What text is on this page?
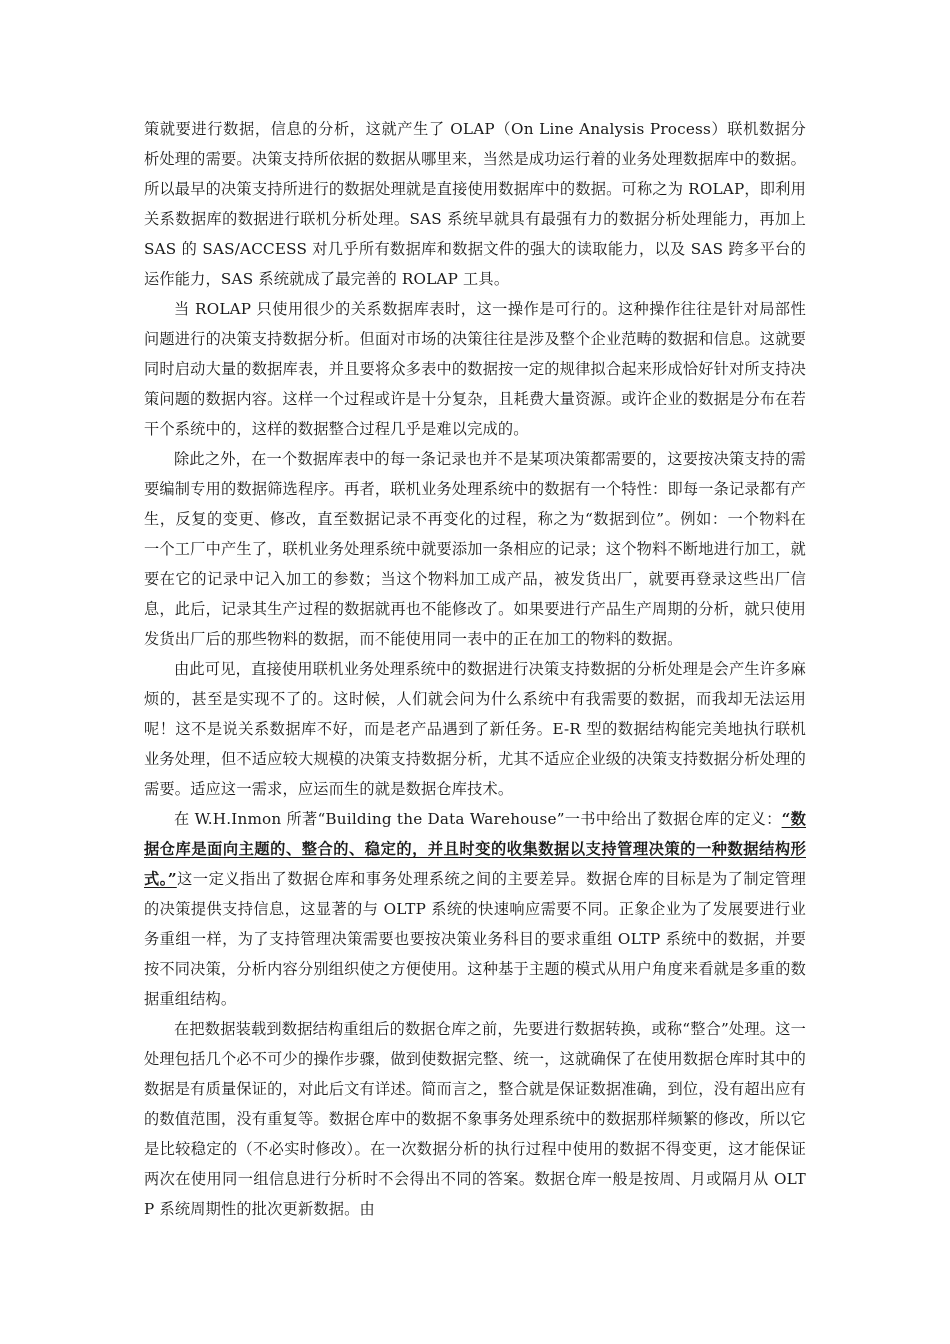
策就要进行数据，信息的分析，这就产生了 OLAP（On Line Analysis Process）联机数据分析处理的需要。决策支持所依据的数据从哪里来，当然是成功运行着的业务处理数据库中的数据。所以最早的决策支持所进行的数据处理就是直接使用数据库中的数据。可称之为 ROLAP，即利用关系数据库的数据进行联机分析处理。SAS 系统早就具有最强有力的数据分析处理能力，再加上 SAS 的 SAS/ACCESS 对几乎所有数据库和数据文件的强大的读取能力，以及 SAS 跨多平台的运作能力，SAS 系统就成了最完善的 ROLAP 工具。

当 ROLAP 只使用很少的关系数据库表时，这一操作是可行的。这种操作往往是针对局部性问题进行的决策支持数据分析。但面对市场的决策往往是涉及整个企业范畴的数据和信息。这就要同时启动大量的数据库表，并且要将众多表中的数据按一定的规律拟合起来形成恰好针对所支持决策问题的数据内容。这样一个过程或许是十分复杂，且耗费大量资源。或许企业的数据是分布在若干个系统中的，这样的数据整合过程几乎是难以完成的。

除此之外，在一个数据库表中的每一条记录也并不是某项决策都需要的，这要按决策支持的需要编制专用的数据筛选程序。再者，联机业务处理系统中的数据有一个特性：即每一条记录都有产生，反复的变更、修改，直至数据记录不再变化的过程，称之为“数据到位”。例如：一个物料在一个工厂中产生了，联机业务处理系统中就要添加一条相应的记录；这个物料不断地进行加工，就要在它的记录中记入加工的参数；当这个物料加工成产品，被发货出厂，就要再登录这些出厂信息，此后，记录其生产过程的数据就再也不能修改了。如果要进行产品生产周期的分析，就只使用发货出厂后的那些物料的数据，而不能使用同一表中的正在加工的物料的数据。

由此可见，直接使用联机业务处理系统中的数据进行决策支持数据的分析处理是会产生许多麻烦的，甚至是实现不了的。这时候，人们就会问为什么系统中有我需要的数据，而我却无法运用呢！这不是说关系数据库不好，而是老产品遇到了新任务。E-R 型的数据结构能完美地执行联机业务处理，但不适应较大规模的决策支持数据分析，尤其不适应企业级的决策支持数据分析处理的需要。适应这一需求，应运而生的就是数据仓库技术。

在 W.H.Inmon 所著“Building the Data Warehouse”一书中给出了数据仓库的定义：“数据仓库是面向主题的、整合的、稳定的，并且时变的收集数据以支持管理决策的一种数据结构形式。”这一定义指出了数据仓库和事务处理系统之间的主要差异。数据仓库的目标是为了制定管理的决策提供支持信息，这显著的与 OLTP 系统的快速响应需要不同。正象企业为了发展要进行业务重组一样，为了支持管理决策需要也要按决策业务科目的要求重组 OLTP 系统中的数据，并要按不同决策，分析内容分别组织使之方便使用。这种基于主题的模式从用户角度来看就是多重的数据重组结构。

在把数据装载到数据结构重组后的数据仓库之前，先要进行数据转换，或称“整合”处理。这一处理包括几个必不可少的操作步骤，做到使数据完整、统一，这就确保了在使用数据仓库时其中的数据是有质量保证的，对此后文有详述。简而言之，整合就是保证数据准确，到位，没有超出应有的数值范围，没有重复等。数据仓库中的数据不象事务处理系统中的数据那样频繁的修改，所以它是比较稳定的（不必实时修改）。在一次数据分析的执行过程中使用的数据不得变更，这才能保证两次在使用同一组信息进行分析时不会得出不同的答案。数据仓库一般是按周、月或隔月从 OLTP 系统周期性的批次更新数据。由
